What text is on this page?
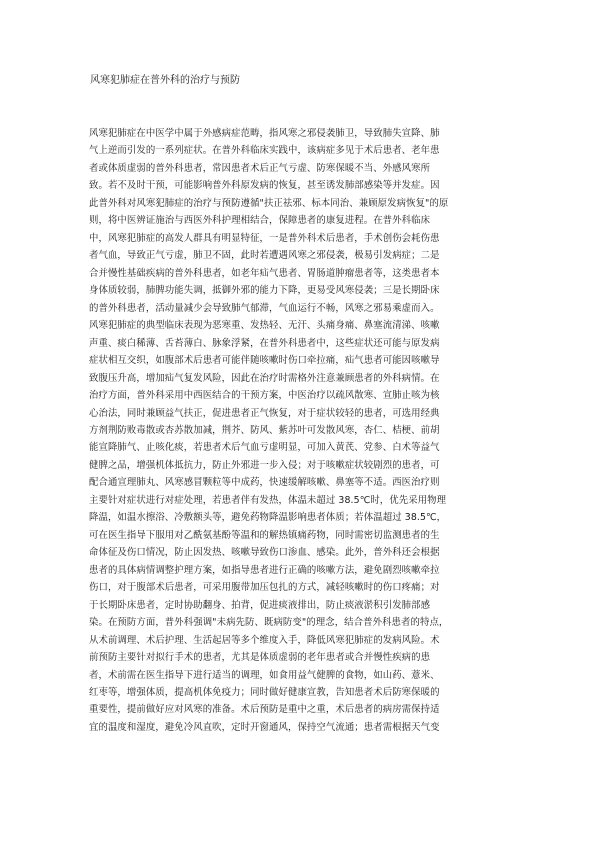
风寒犯肺症在普外科的治疗与预防
风寒犯肺症在中医学中属于外感病症范畴，指风寒之邪侵袭肺卫，导致肺失宣降、肺
气上逆而引发的一系列症状。在普外科临床实践中，该病症多见于术后患者、老年患
者或体质虚弱的普外科患者，常因患者术后正气亏虚、防寒保暖不当、外感风寒所
致。若不及时干预，可能影响普外科原发病的恢复，甚至诱发肺部感染等并发症。因
此普外科对风寒犯肺症的治疗与预防遵循"扶正祛邪、标本同治、兼顾原发病恢复"的原
则，将中医辨证施治与西医外科护理相结合，保障患者的康复进程。在普外科临床
中，风寒犯肺症的高发人群具有明显特征，一是普外科术后患者，手术创伤会耗伤患
者气血，导致正气亏虚，肺卫不固，此时若遭遇风寒之邪侵袭，极易引发病症；二是
合并慢性基础疾病的普外科患者，如老年疝气患者、胃肠道肿瘤患者等，这类患者本
身体质较弱，肺脾功能失调，抵御外邪的能力下降，更易受风寒侵袭；三是长期卧床
的普外科患者，活动量减少会导致肺气郁滞，气血运行不畅，风寒之邪易乘虚而入。
风寒犯肺症的典型临床表现为恶寒重、发热轻、无汗、头痛身痛、鼻塞流清涕、咳嗽
声重、痰白稀薄、舌苔薄白、脉象浮紧，在普外科患者中，这些症状还可能与原发病
症状相互交织，如腹部术后患者可能伴随咳嗽时伤口牵拉痛，疝气患者可能因咳嗽导
致腹压升高，增加疝气复发风险，因此在治疗时需格外注意兼顾患者的外科病情。在
治疗方面，普外科采用中西医结合的干预方案，中医治疗以疏风散寒、宣肺止咳为核
心治法，同时兼顾益气扶正，促进患者正气恢复，对于症状较轻的患者，可选用经典
方剂荆防败毒散或杏苏散加减，荆芥、防风、紫苏叶可发散风寒，杏仁、桔梗、前胡
能宣降肺气、止咳化痰，若患者术后气血亏虚明显，可加入黄芪、党参、白术等益气
健脾之品，增强机体抵抗力，防止外邪进一步入侵；对于咳嗽症状较剧烈的患者，可
配合通宣理肺丸、风寒感冒颗粒等中成药，快速缓解咳嗽、鼻塞等不适。西医治疗则
主要针对症状进行对症处理，若患者伴有发热，体温未超过 38.5℃时，优先采用物理
降温，如温水擦浴、冷敷额头等，避免药物降温影响患者体质；若体温超过 38.5℃，
可在医生指导下服用对乙酰氨基酚等温和的解热镇痛药物，同时需密切监测患者的生
命体征及伤口情况，防止因发热、咳嗽导致伤口渗血、感染。此外，普外科还会根据
患者的具体病情调整护理方案，如指导患者进行正确的咳嗽方法，避免剧烈咳嗽牵拉
伤口，对于腹部术后患者，可采用腹带加压包扎的方式，减轻咳嗽时的伤口疼痛；对
于长期卧床患者，定时协助翻身、拍背，促进痰液排出，防止痰液淤积引发肺部感
染。在预防方面，普外科强调"未病先防、既病防变"的理念，结合普外科患者的特点，
从术前调理、术后护理、生活起居等多个维度入手，降低风寒犯肺症的发病风险。术
前预防主要针对拟行手术的患者，尤其是体质虚弱的老年患者或合并慢性疾病的患
者，术前需在医生指导下进行适当的调理，如食用益气健脾的食物，如山药、薏米、
红枣等，增强体质，提高机体免疫力；同时做好健康宣教，告知患者术后防寒保暖的
重要性，提前做好应对风寒的准备。术后预防是重中之重，术后患者的病房需保持适
宜的温度和湿度，避免冷风直吹，定时开窗通风，保持空气流通；患者需根据天气变
